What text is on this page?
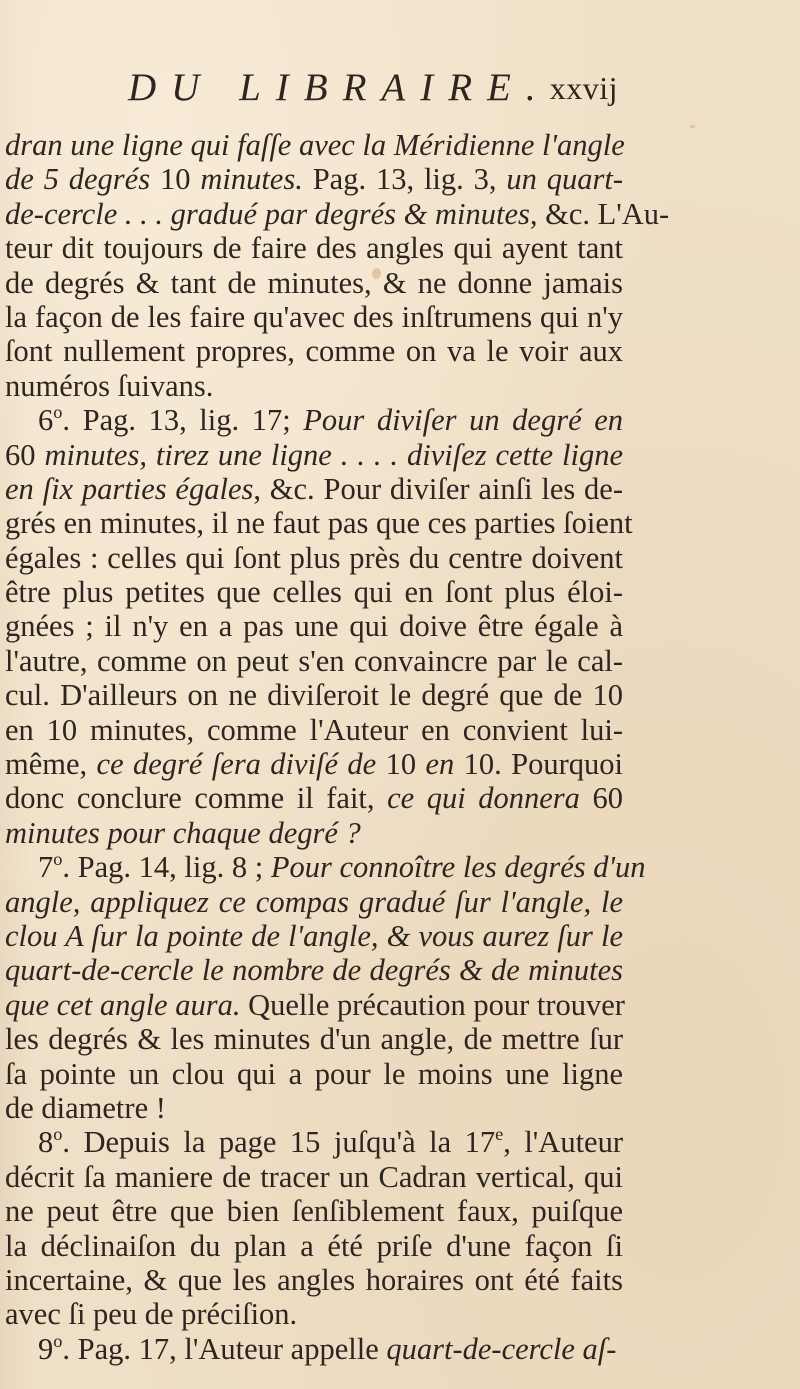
DU LIBRAIRE. xxvij
dran une ligne qui faſſe avec la Méridienne l'angle
de 5 degrés 10 minutes. Pag. 13, lig. 3, un quart-
de-cercle . . . gradué par degrés & minutes, &c. L'Au-
teur dit toujours de faire des angles qui ayent tant
de degrés & tant de minutes, & ne donne jamais
la façon de les faire qu'avec des inſtrumens qui n'y
ſont nullement propres, comme on va le voir aux
numéros ſuivans.
6$^o$. Pag. 13, lig. 17; Pour diviſer un degré en
60 minutes, tirez une ligne . . . . diviſez cette ligne
en ſix parties égales, &c. Pour diviſer ainſi les de-
grés en minutes, il ne faut pas que ces parties ſoient
égales : celles qui ſont plus près du centre doivent
être plus petites que celles qui en ſont plus éloi-
gnées ; il n'y en a pas une qui doive être égale à
l'autre, comme on peut s'en convaincre par le cal-
cul. D'ailleurs on ne diviſeroit le degré que de 10
en 10 minutes, comme l'Auteur en convient lui-
même, ce degré ſera diviſé de 10 en 10. Pourquoi
donc conclure comme il fait, ce qui donnera 60
minutes pour chaque degré ?
7$^o$. Pag. 14, lig. 8 ; Pour connoître les degrés d'un
angle, appliquez ce compas gradué ſur l'angle, le
clou A ſur la pointe de l'angle, & vous aurez ſur le
quart-de-cercle le nombre de degrés & de minutes
que cet angle aura. Quelle précaution pour trouver
les degrés & les minutes d'un angle, de mettre ſur
ſa pointe un clou qui a pour le moins une ligne
de diametre !
8$^o$. Depuis la page 15 juſqu'à la 17e, l'Auteur
décrit ſa maniere de tracer un Cadran vertical, qui
ne peut être que bien ſenſiblement faux, puiſque
la déclinaiſon du plan a été priſe d'une façon ſi
incertaine, & que les angles horaires ont été faits
avec ſi peu de préciſion.
9$^o$. Pag. 17, l'Auteur appelle quart-de-cercle aſ-
